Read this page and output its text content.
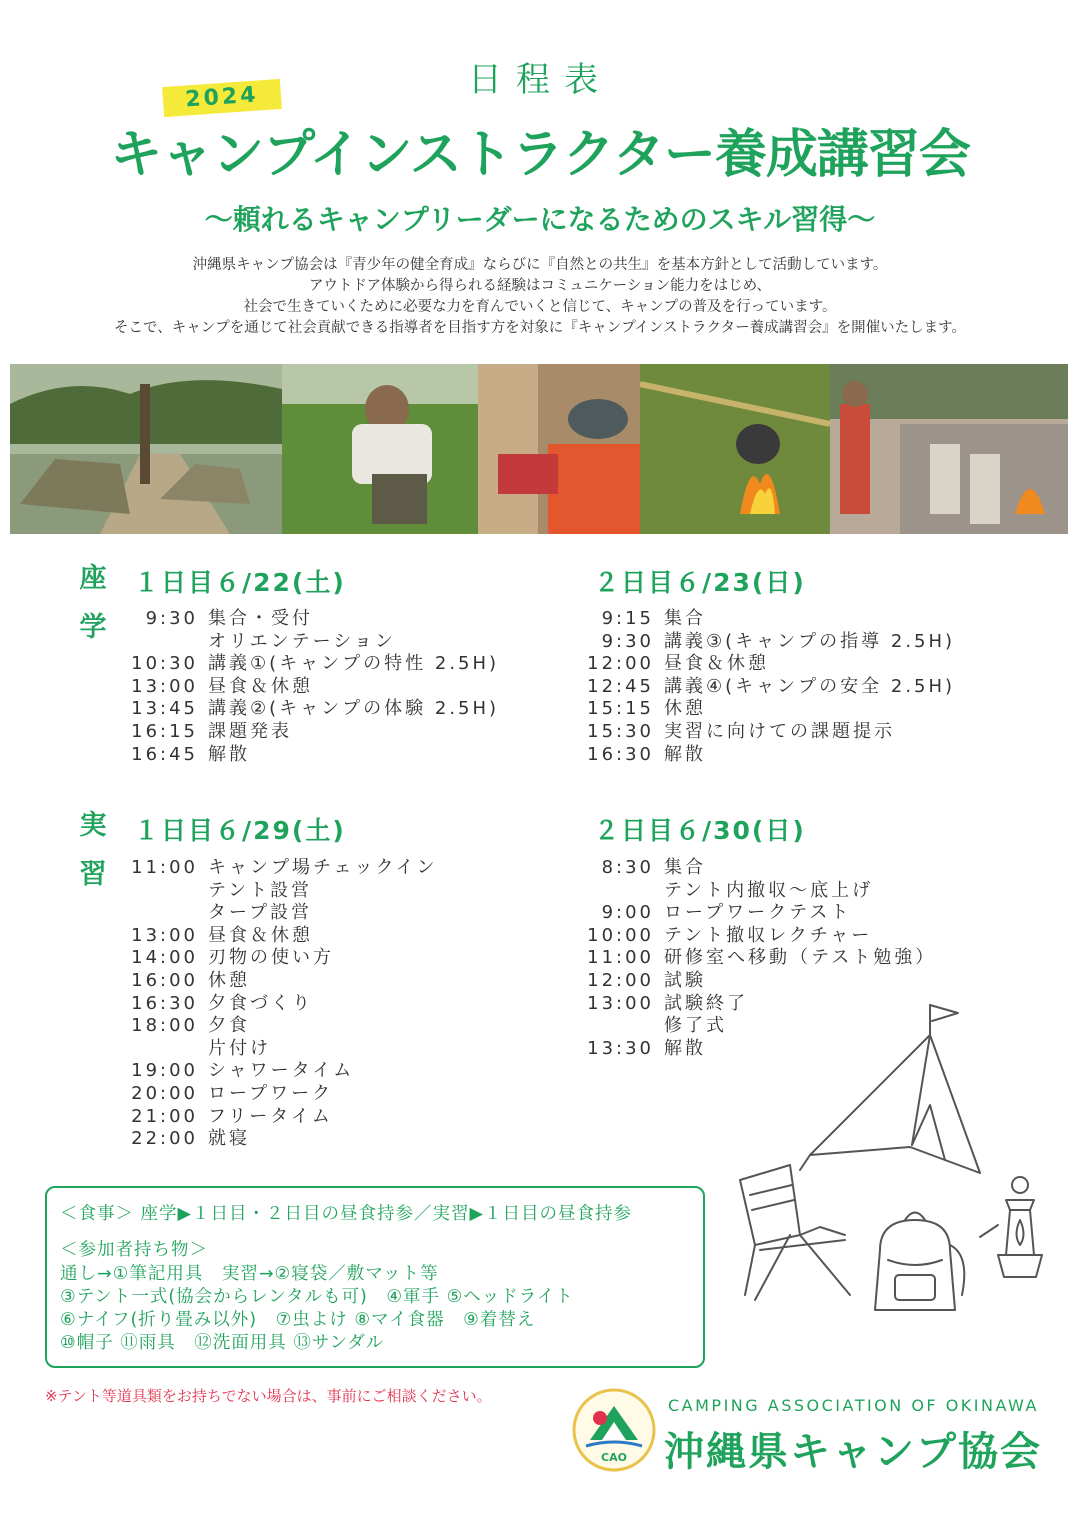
日程表
2024
キャンプインストラクター養成講習会
〜頼れるキャンプリーダーになるためのスキル習得〜
沖縄県キャンプ協会は『青少年の健全育成』ならびに『自然との共生』を基本方針として活動しています。
アウトドア体験から得られる経験はコミュニケーション能力をはじめ、
社会で生きていくために必要な力を育んでいくと信じて、キャンプの普及を行っています。
そこで、キャンプを通じて社会貢献できる指導者を目指す方を対象に『キャンプインストラクター養成講習会』を開催いたします。
座
学
１日目６/22(土)	２日目６/23(日)
9:30 集合・受付
オリエンテーション
10:30 講義①(キャンプの特性 2.5H)
13:00 昼食＆休憩
13:45 講義②(キャンプの体験 2.5H)
16:15 課題発表
16:45 解散
9:15 集合
9:30 講義③(キャンプの指導 2.5H)
12:00 昼食＆休憩
12:45 講義④(キャンプの安全 2.5H)
15:15 休憩
15:30 実習に向けての課題提示
16:30 解散
実
習
１日目６/29(土)	２日目６/30(日)
11:00 キャンプ場チェックイン
テント設営
タープ設営
13:00 昼食＆休憩
14:00 刃物の使い方
16:00 休憩
16:30 夕食づくり
18:00 夕食
片付け
19:00 シャワータイム
20:00 ロープワーク
21:00 フリータイム
22:00 就寝
8:30 集合
テント内撤収〜底上げ
9:00 ロープワークテスト
10:00 テント撤収レクチャー
11:00 研修室へ移動（テスト勉強）
12:00 試験
13:00 試験終了
修了式
13:30 解散
＜食事＞ 座学▶１日目・２日目の昼食持参／実習▶１日目の昼食持参
＜参加者持ち物＞
通し→①筆記用具　実習→②寝袋／敷マット等
③テント一式(協会からレンタルも可)　④軍手 ⑤ヘッドライト
⑥ナイフ(折り畳み以外)　⑦虫よけ ⑧マイ食器　⑨着替え
⑩帽子 ⑪雨具　⑫洗面用具 ⑬サンダル
※テント等道具類をお持ちでない場合は、事前にご相談ください。
CAO
CAMPING ASSOCIATION OF OKINAWA
沖縄県キャンプ協会
